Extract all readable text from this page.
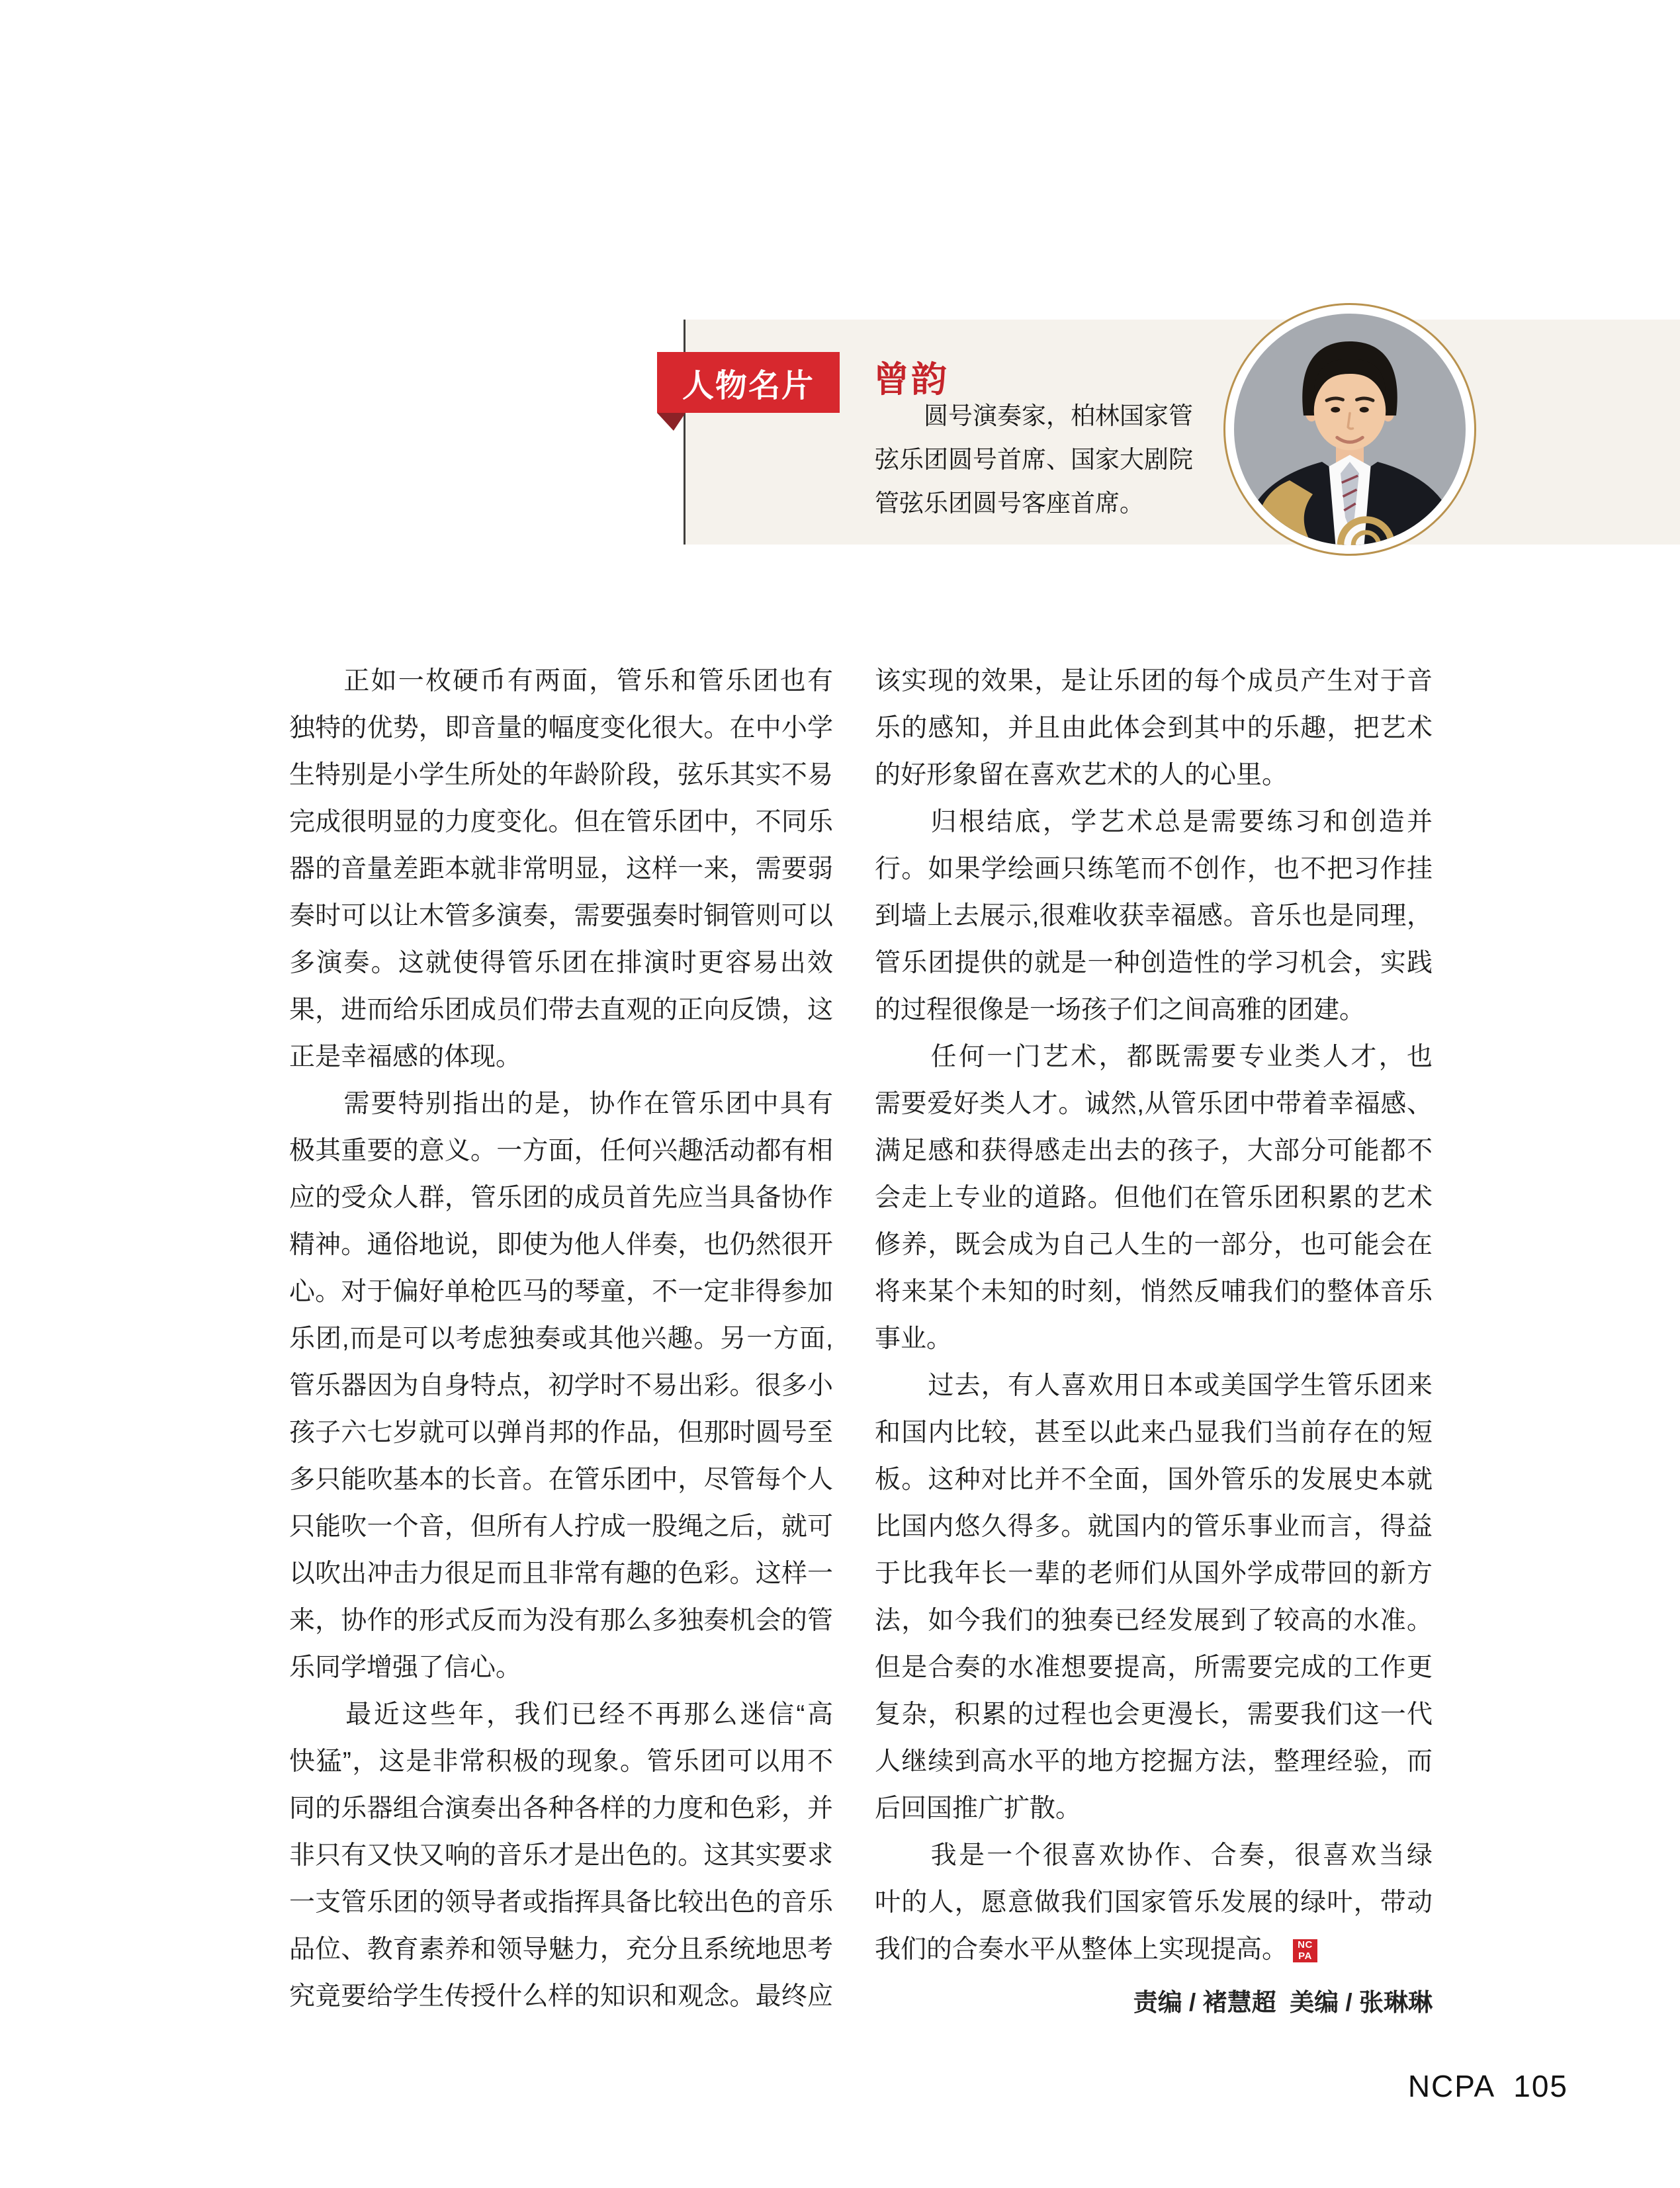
人物名片 曾韵
　　圆号演奏家，柏林国家管
弦乐团圆号首席、国家大剧院
管弦乐团圆号客座首席。
　　正如一枚硬币有两面，管乐和管乐团也有
独特的优势，即音量的幅度变化很大。在中小学
生特别是小学生所处的年龄阶段，弦乐其实不易
完成很明显的力度变化。但在管乐团中，不同乐
器的音量差距本就非常明显，这样一来，需要弱
奏时可以让木管多演奏，需要强奏时铜管则可以
多演奏。这就使得管乐团在排演时更容易出效
果，进而给乐团成员们带去直观的正向反馈，这
正是幸福感的体现。
　　需要特别指出的是，协作在管乐团中具有
极其重要的意义。一方面，任何兴趣活动都有相
应的受众人群，管乐团的成员首先应当具备协作
精神。通俗地说，即使为他人伴奏，也仍然很开
心。对于偏好单枪匹马的琴童，不一定非得参加
乐团,而是可以考虑独奏或其他兴趣。另一方面,
管乐器因为自身特点，初学时不易出彩。很多小
孩子六七岁就可以弹肖邦的作品，但那时圆号至
多只能吹基本的长音。在管乐团中，尽管每个人
只能吹一个音，但所有人拧成一股绳之后，就可
以吹出冲击力很足而且非常有趣的色彩。这样一
来，协作的形式反而为没有那么多独奏机会的管
乐同学增强了信心。
　　最近这些年，我们已经不再那么迷信“高
快猛”，这是非常积极的现象。管乐团可以用不
同的乐器组合演奏出各种各样的力度和色彩，并
非只有又快又响的音乐才是出色的。这其实要求
一支管乐团的领导者或指挥具备比较出色的音乐
品位、教育素养和领导魅力，充分且系统地思考
究竟要给学生传授什么样的知识和观念。最终应
该实现的效果，是让乐团的每个成员产生对于音
乐的感知，并且由此体会到其中的乐趣，把艺术
的好形象留在喜欢艺术的人的心里。
　　归根结底，学艺术总是需要练习和创造并
行。如果学绘画只练笔而不创作，也不把习作挂
到墙上去展示,很难收获幸福感。音乐也是同理，
管乐团提供的就是一种创造性的学习机会，实践
的过程很像是一场孩子们之间高雅的团建。
　　任何一门艺术，都既需要专业类人才，也
需要爱好类人才。诚然,从管乐团中带着幸福感、
满足感和获得感走出去的孩子，大部分可能都不
会走上专业的道路。但他们在管乐团积累的艺术
修养，既会成为自己人生的一部分，也可能会在
将来某个未知的时刻，悄然反哺我们的整体音乐
事业。
　　过去，有人喜欢用日本或美国学生管乐团来
和国内比较，甚至以此来凸显我们当前存在的短
板。这种对比并不全面，国外管乐的发展史本就
比国内悠久得多。就国内的管乐事业而言，得益
于比我年长一辈的老师们从国外学成带回的新方
法，如今我们的独奏已经发展到了较高的水准。
但是合奏的水准想要提高，所需要完成的工作更
复杂，积累的过程也会更漫长，需要我们这一代
人继续到高水平的地方挖掘方法，整理经验，而
后回国推广扩散。
　　我是一个很喜欢协作、合奏，很喜欢当绿
叶的人，愿意做我们国家管乐发展的绿叶，带动
我们的合奏水平从整体上实现提高。 NC
PA
责编 / 褚慧超  美编 / 张琳琳
NCPA  105
